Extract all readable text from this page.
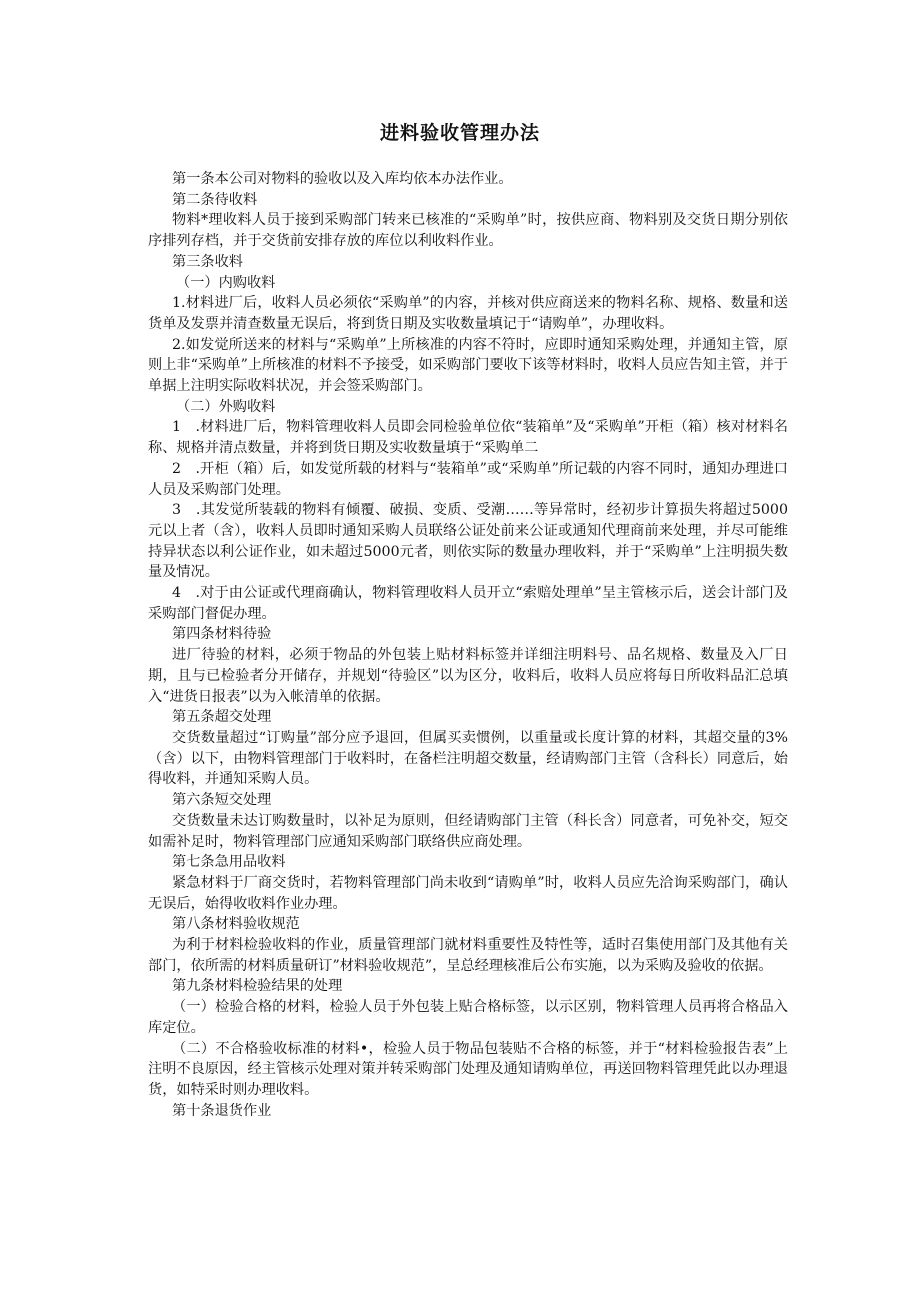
进料验收管理办法

第一条本公司对物料的验收以及入库均依本办法作业。

第二条待收料

物料*理收料人员于接到采购部门转来已核准的“采购单”时，按供应商、物料别及交货日期分别依序排列存档，并于交货前安排存放的库位以利收料作业。

第三条收料

（一）内购收料

1.材料进厂后，收料人员必须依“采购单”的内容，并核对供应商送来的物料名称、规格、数量和送货单及发票并清查数量无误后，将到货日期及实收数量填记于“请购单”，办理收料。

2.如发觉所送来的材料与“采购单”上所核准的内容不符时，应即时通知采购处理，并通知主管，原则上非“采购单”上所核准的材料不予接受，如采购部门要收下该等材料时，收料人员应告知主管，并于单据上注明实际收料状况，并会签采购部门。

（二）外购收料

1　.材料进厂后，物料管理收料人员即会同检验单位依“装箱单”及“采购单”开柜（箱）核对材料名称、规格并清点数量，并将到货日期及实收数量填于“采购单二

2　.开柜（箱）后，如发觉所载的材料与“装箱单”或“采购单”所记载的内容不同时，通知办理进口人员及采购部门处理。

3　.其发觉所装载的物料有倾覆、破损、变质、受潮……等异常时，经初步计算损失将超过5000元以上者（含），收料人员即时通知采购人员联络公证处前来公证或通知代理商前来处理，并尽可能维持异状态以利公证作业，如未超过5000元者，则依实际的数量办理收料，并于“采购单”上注明损失数量及情况。

4　.对于由公证或代理商确认，物料管理收料人员开立“索赔处理单”呈主管核示后，送会计部门及采购部门督促办理。

第四条材料待验

进厂待验的材料，必须于物品的外包装上贴材料标签并详细注明料号、品名规格、数量及入厂日期，且与已检验者分开储存，并规划“待验区”以为区分，收料后，收料人员应将每日所收料品汇总填入“进货日报表”以为入帐清单的依据。

第五条超交处理

交货数量超过“订购量”部分应予退回，但属买卖惯例，以重量或长度计算的材料，其超交量的3%（含）以下，由物料管理部门于收料时，在备栏注明超交数量，经请购部门主管（含科长）同意后，始得收料，并通知采购人员。

第六条短交处理

交货数量未达订购数量时，以补足为原则，但经请购部门主管（科长含）同意者，可免补交，短交如需补足时，物料管理部门应通知采购部门联络供应商处理。

第七条急用品收料

紧急材料于厂商交货时，若物料管理部门尚未收到“请购单”时，收料人员应先洽询采购部门，确认无误后，始得收收料作业办理。

第八条材料验收规范

为利于材料检验收料的作业，质量管理部门就材料重要性及特性等，适时召集使用部门及其他有关部门，依所需的材料质量研订”材料验收规范”，呈总经理核准后公布实施，以为采购及验收的依据。

第九条材料检验结果的处理

（一）检验合格的材料，检验人员于外包装上贴合格标签，以示区别，物料管理人员再将合格品入库定位。

（二）不合格验收标准的材料•，检验人员于物品包装贴不合格的标签，并于“材料检验报告表”上注明不良原因，经主管核示处理对策并转采购部门处理及通知请购单位，再送回物料管理凭此以办理退货，如特采时则办理收料。

第十条退货作业
